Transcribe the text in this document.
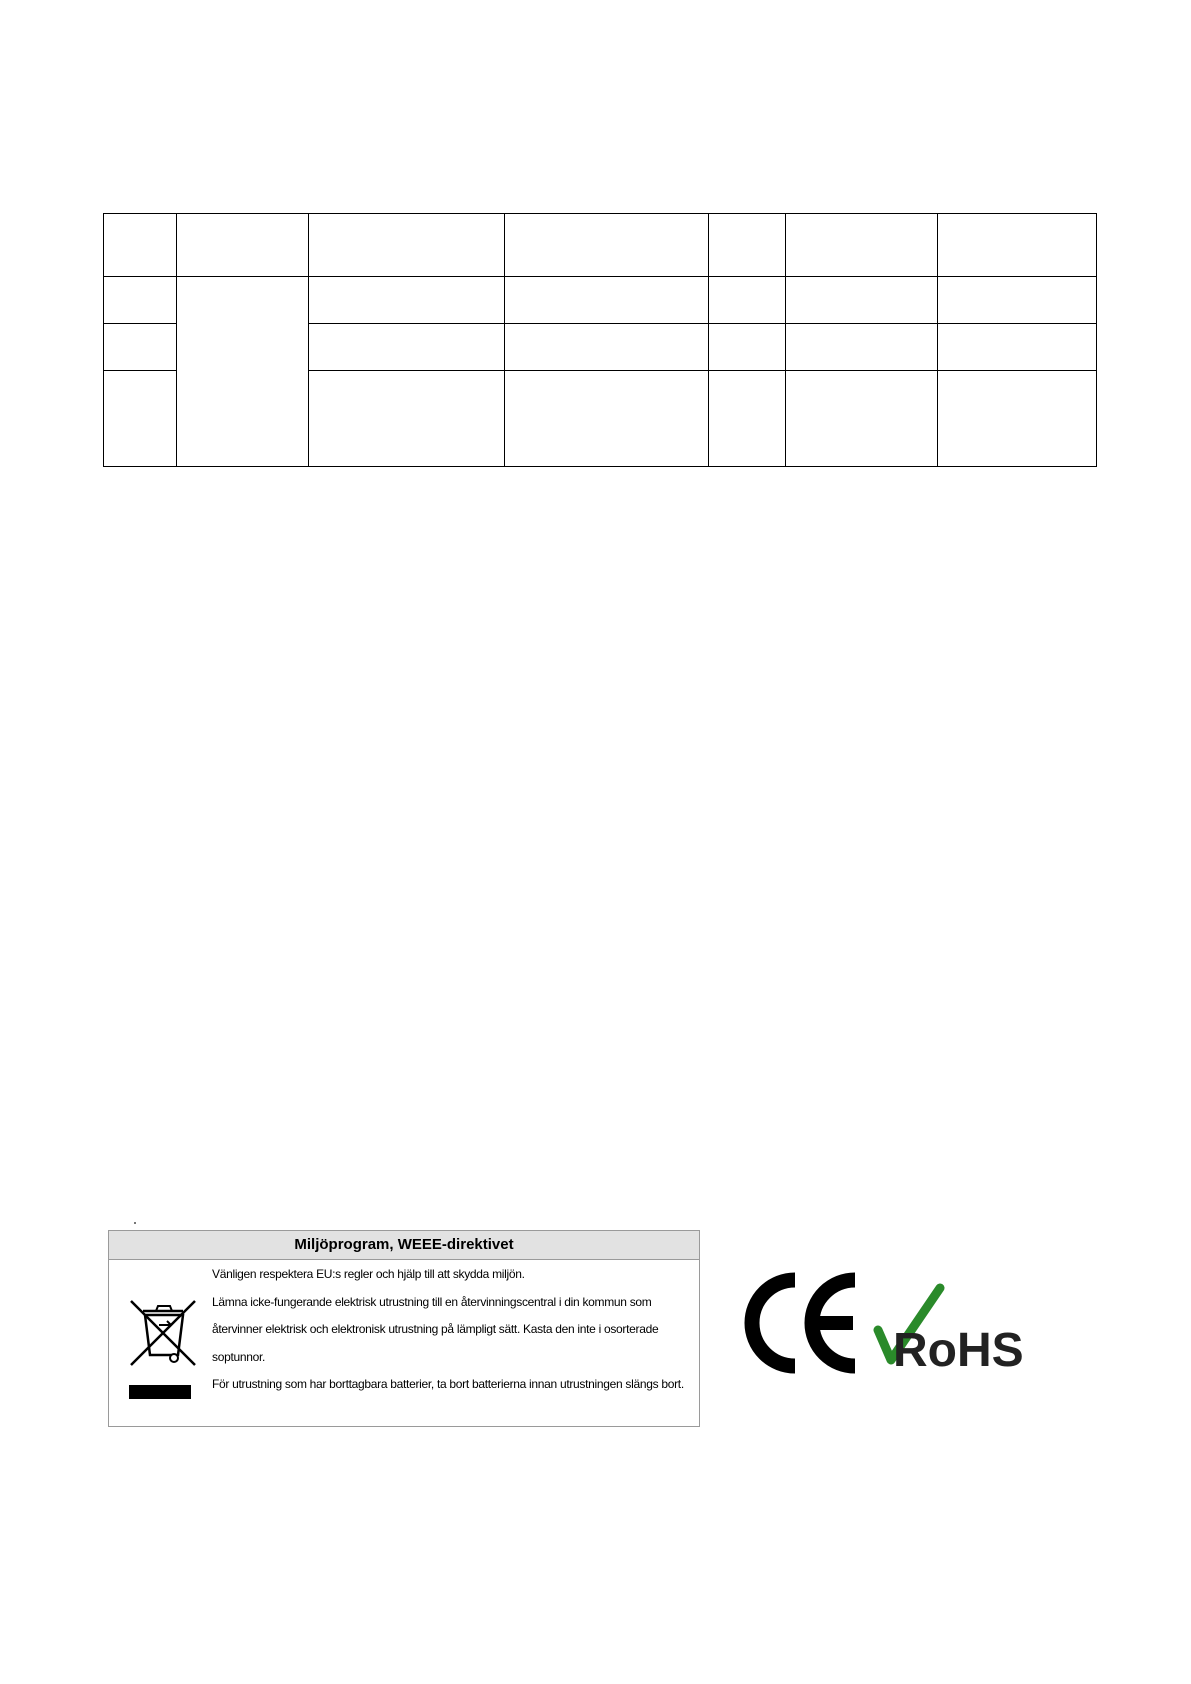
Miljöprogram, WEEE-direktivet

Vänligen respektera EU:s regler och hjälp till att skydda miljön.

Lämna icke-fungerande elektrisk utrustning till en återvinningscentral i din kommun som återvinner elektrisk och elektronisk utrustning på lämpligt sätt. Kasta den inte i osorterade soptunnor.

För utrustning som har borttagbara batterier, ta bort batterierna innan utrustningen slängs bort.

RoHS
